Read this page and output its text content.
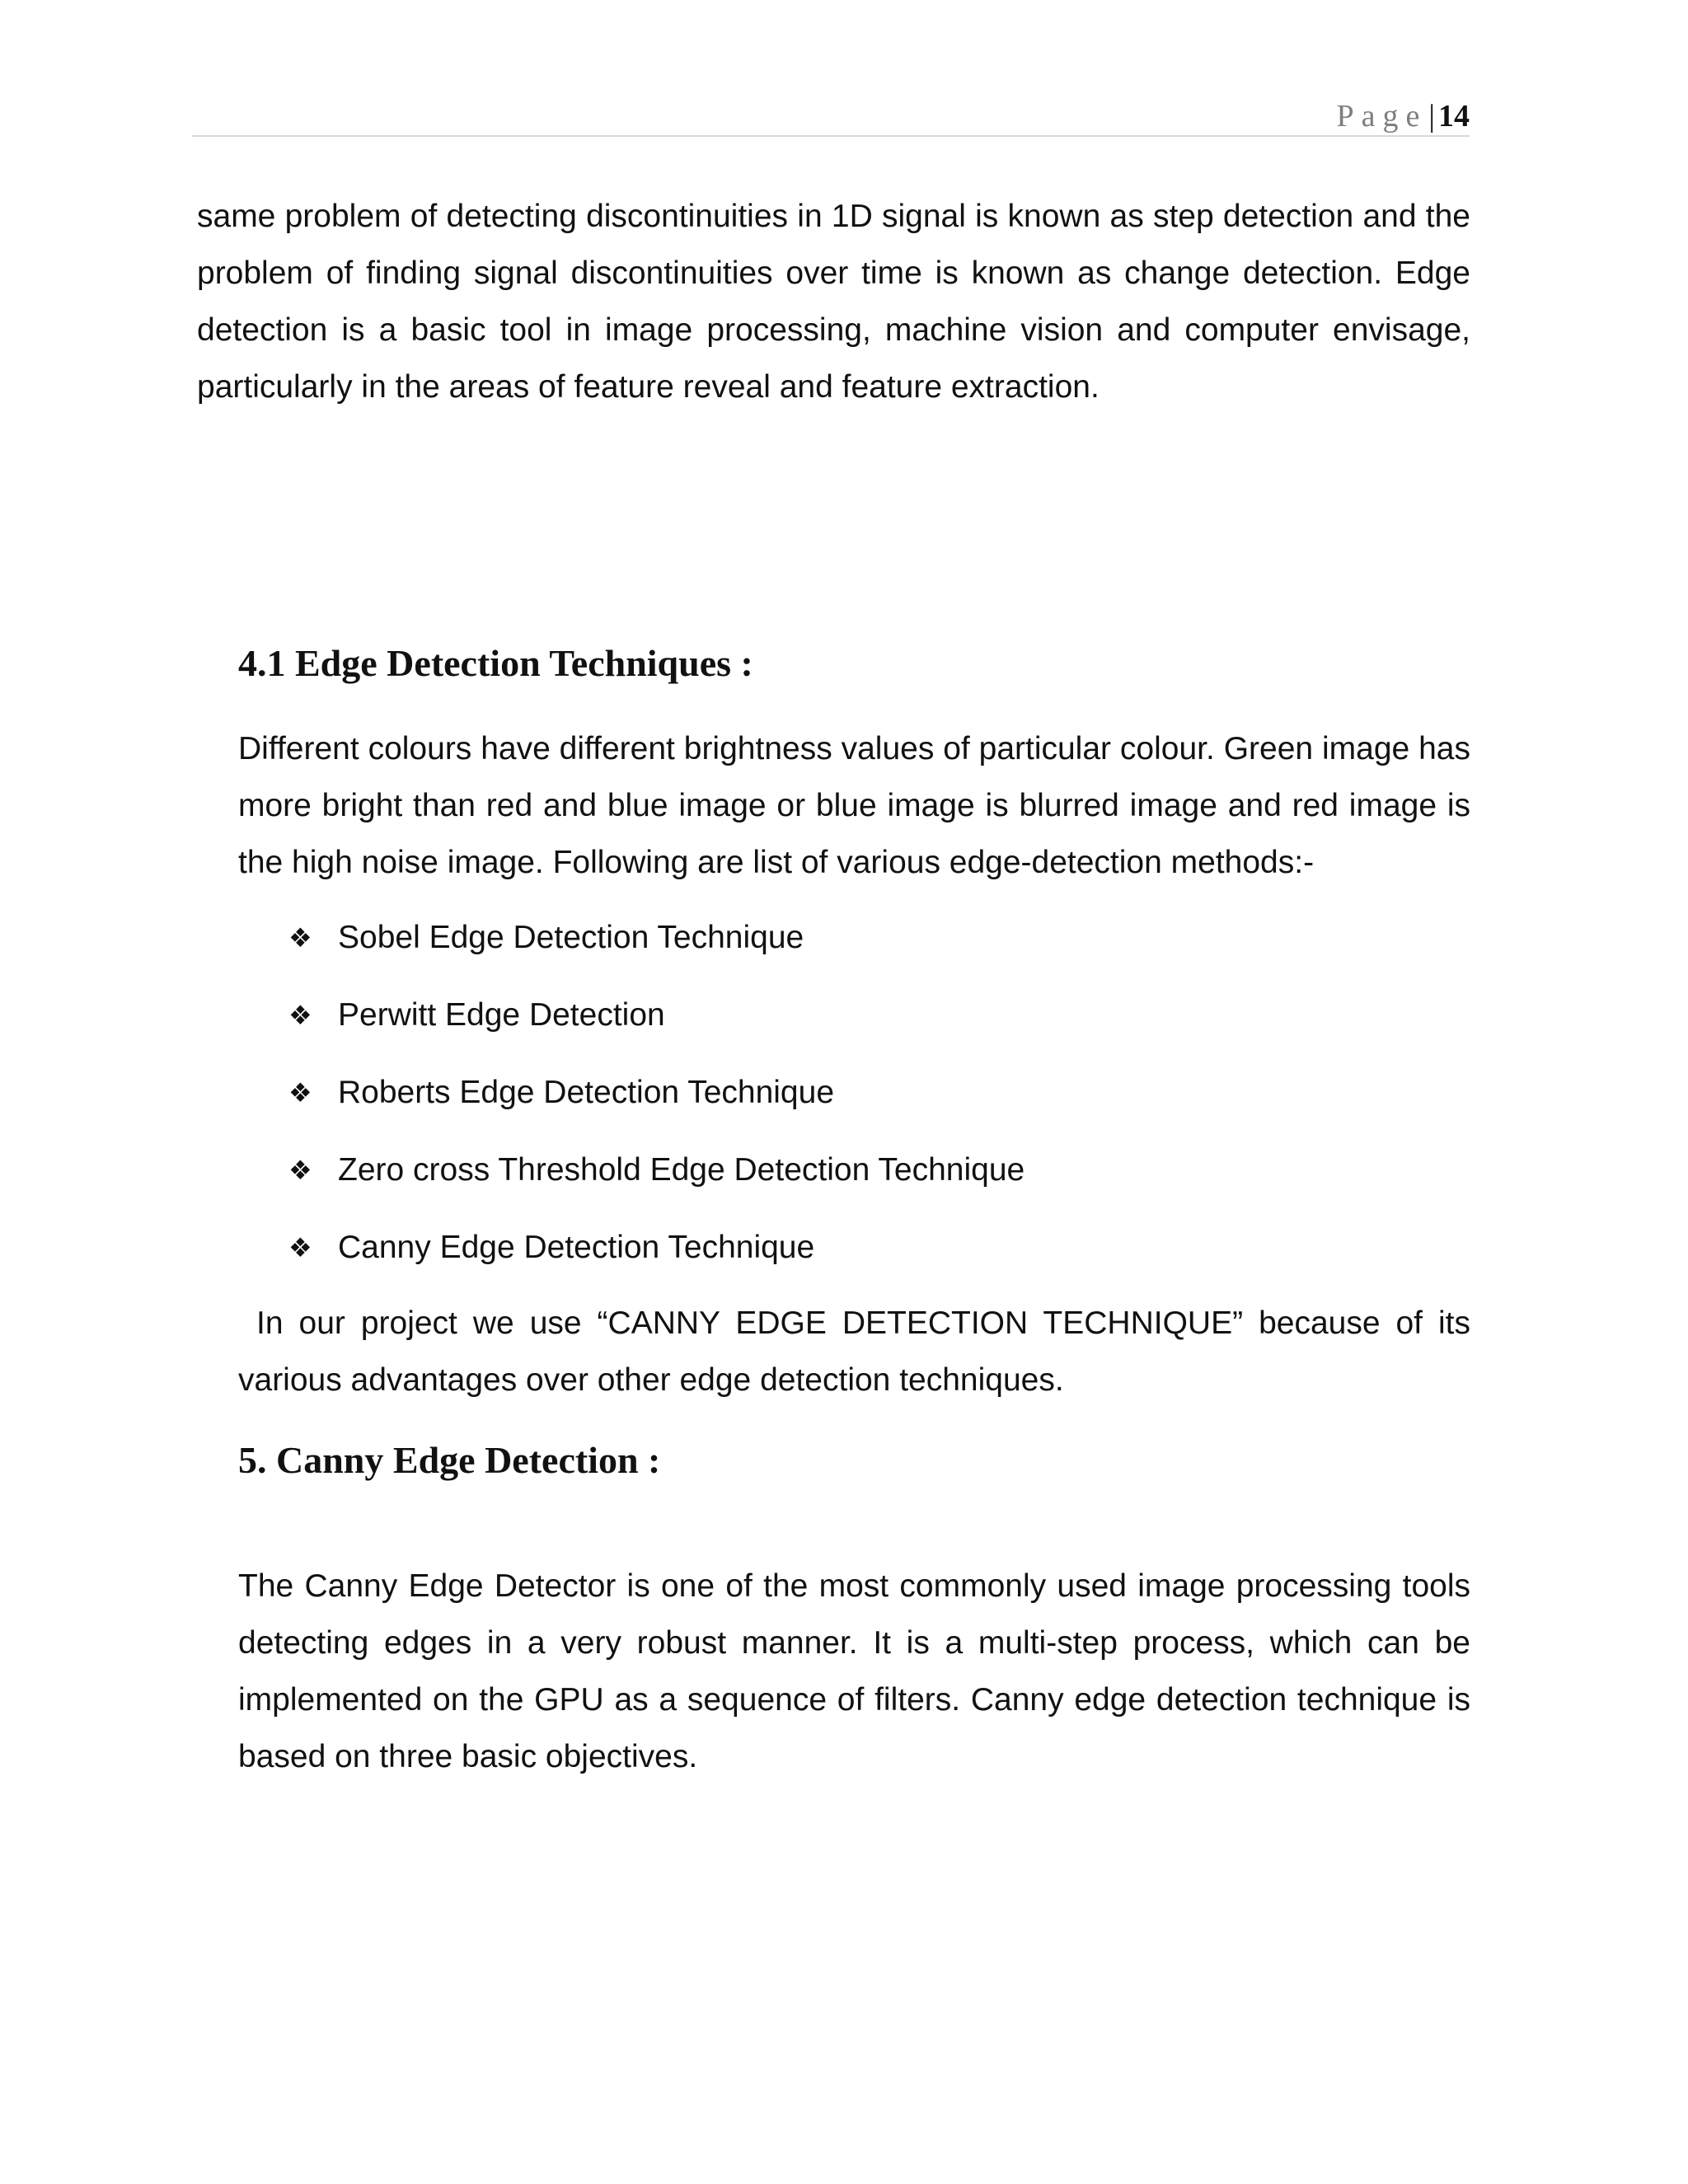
Page| 14

same problem of detecting discontinuities in 1D signal is known as step detection and the problem of finding signal discontinuities over time is known as change detection. Edge detection is a basic tool in image processing, machine vision and computer envisage, particularly in the areas of feature reveal and feature extraction.

4.1 Edge Detection Techniques :

Different colours have different brightness values of particular colour. Green image has more bright than red and blue image or blue image is blurred image and red image is the high noise image. Following are list of various edge-detection methods:-

❖ Sobel Edge Detection Technique
❖ Perwitt Edge Detection
❖ Roberts Edge Detection Technique
❖ Zero cross Threshold Edge Detection Technique
❖ Canny Edge Detection Technique

In our project we use “CANNY EDGE DETECTION TECHNIQUE” because of its various advantages over other edge detection techniques.

5. Canny Edge Detection :

The Canny Edge Detector is one of the most commonly used image processing tools detecting edges in a very robust manner. It is a multi-step process, which can be implemented on the GPU as a sequence of filters. Canny edge detection technique is based on three basic objectives.
